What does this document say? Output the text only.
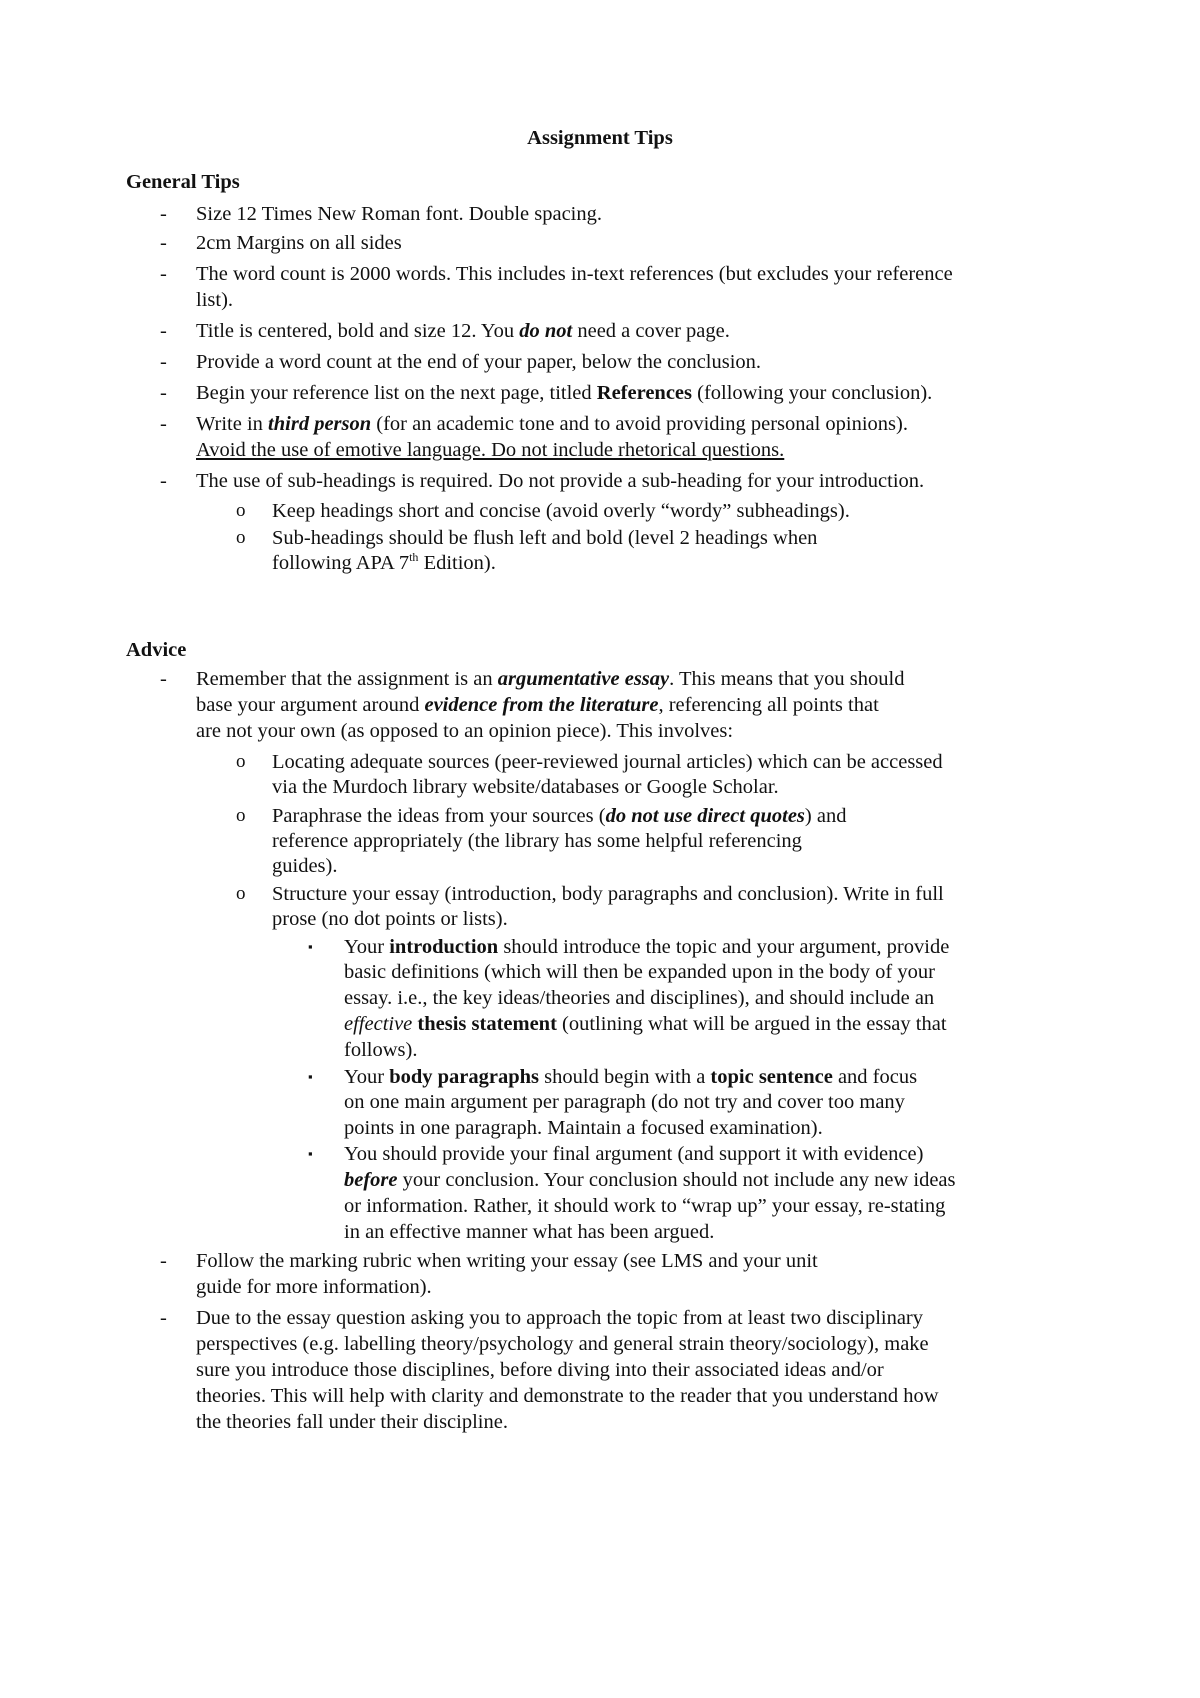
Assignment Tips
General Tips
- Size 12 Times New Roman font. Double spacing.
- 2cm Margins on all sides
- The word count is 2000 words. This includes in-text references (but excludes your reference
list).
- Title is centered, bold and size 12. You do not need a cover page.
- Provide a word count at the end of your paper, below the conclusion.
- Begin your reference list on the next page, titled References (following your conclusion).
- Write in third person (for an academic tone and to avoid providing personal opinions).
Avoid the use of emotive language. Do not include rhetorical questions.
- The use of sub-headings is required. Do not provide a sub-heading for your introduction.
o Keep headings short and concise (avoid overly “wordy” subheadings).
o Sub-headings should be flush left and bold (level 2 headings when
following APA 7th Edition).
Advice
- Remember that the assignment is an argumentative essay. This means that you should
base your argument around evidence from the literature, referencing all points that
are not your own (as opposed to an opinion piece). This involves:
o Locating adequate sources (peer-reviewed journal articles) which can be accessed
via the Murdoch library website/databases or Google Scholar.
o Paraphrase the ideas from your sources (do not use direct quotes) and
reference appropriately (the library has some helpful referencing
guides).
o Structure your essay (introduction, body paragraphs and conclusion). Write in full
prose (no dot points or lists).
▪ Your introduction should introduce the topic and your argument, provide
basic definitions (which will then be expanded upon in the body of your
essay. i.e., the key ideas/theories and disciplines), and should include an
effective thesis statement (outlining what will be argued in the essay that
follows).
▪ Your body paragraphs should begin with a topic sentence and focus
on one main argument per paragraph (do not try and cover too many
points in one paragraph. Maintain a focused examination).
▪ You should provide your final argument (and support it with evidence)
before your conclusion. Your conclusion should not include any new ideas
or information. Rather, it should work to “wrap up” your essay, re-stating
in an effective manner what has been argued.
- Follow the marking rubric when writing your essay (see LMS and your unit
guide for more information).
- Due to the essay question asking you to approach the topic from at least two disciplinary
perspectives (e.g. labelling theory/psychology and general strain theory/sociology), make
sure you introduce those disciplines, before diving into their associated ideas and/or
theories. This will help with clarity and demonstrate to the reader that you understand how
the theories fall under their discipline.
